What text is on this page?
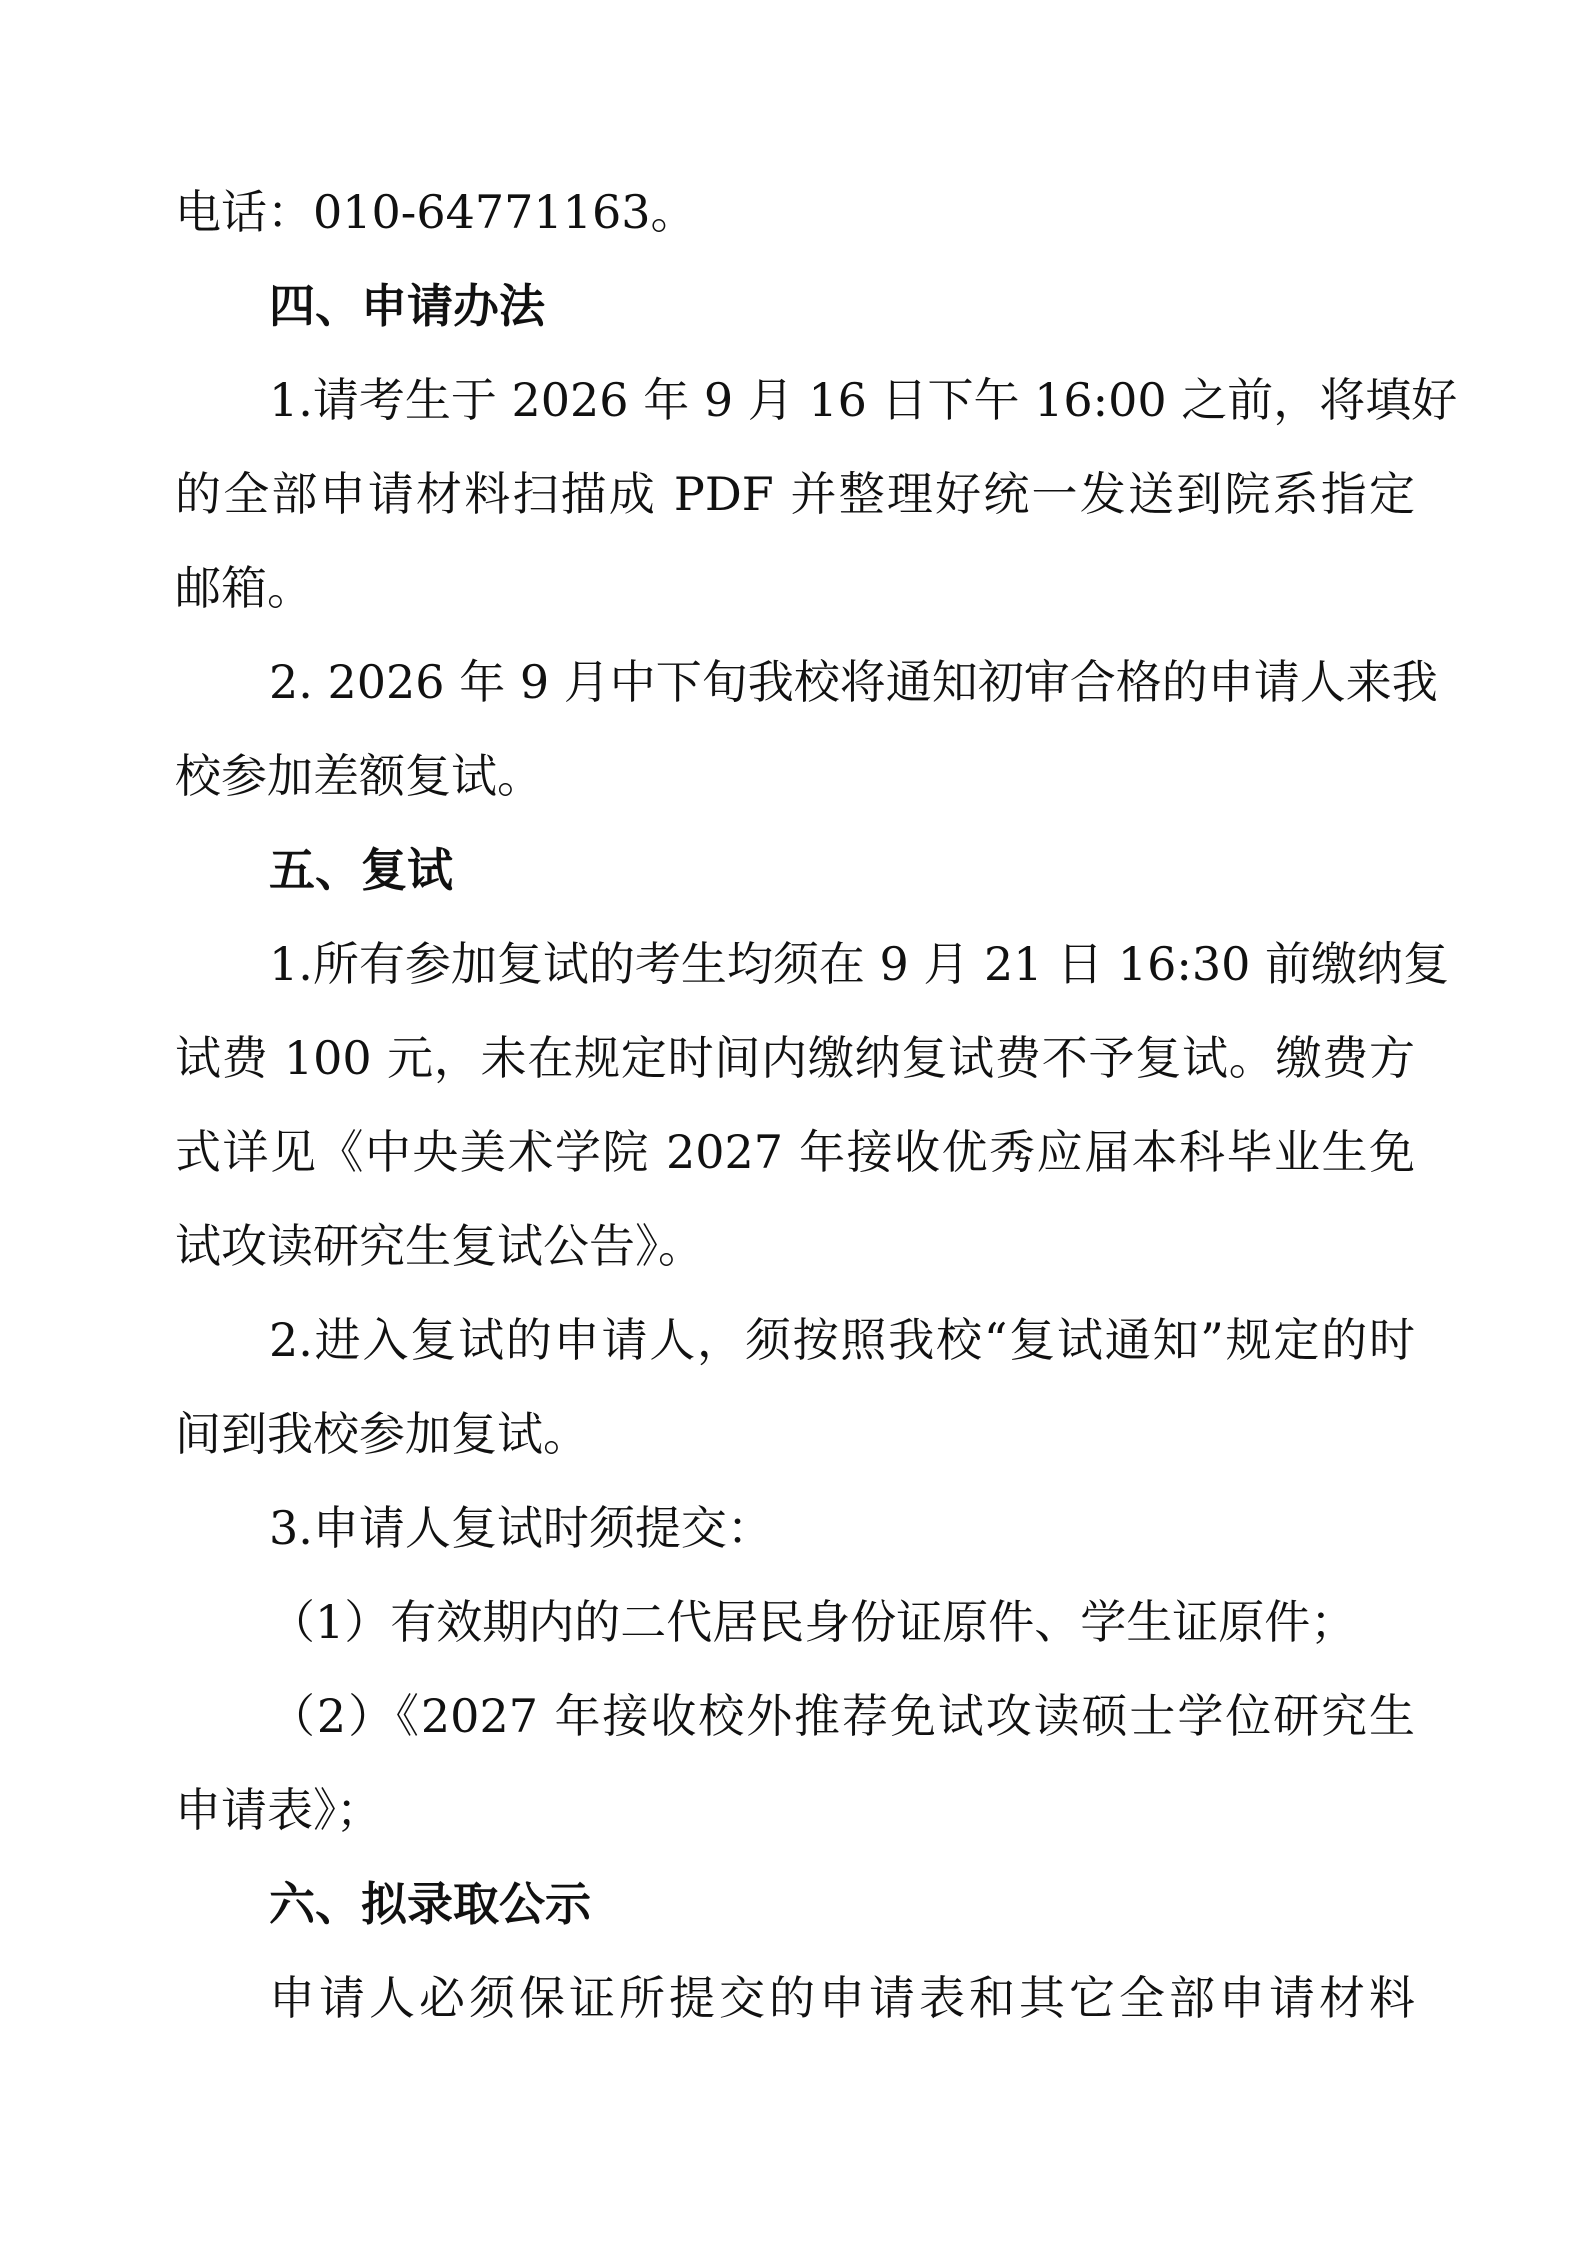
电话：010-64771163。
四、申请办法
1.请考生于 2026 年 9 月 16 日下午 16:00 之前，将填好
的全部申请材料扫描成 PDF 并整理好统一发送到院系指定
邮箱。
2. 2026 年 9 月中下旬我校将通知初审合格的申请人来我
校参加差额复试。
五、复试
1.所有参加复试的考生均须在 9 月 21 日 16:30 前缴纳复
试费 100 元，未在规定时间内缴纳复试费不予复试。缴费方
式详见《中央美术学院 2027 年接收优秀应届本科毕业生免
试攻读研究生复试公告》。
2.进入复试的申请人，须按照我校“复试通知”规定的时
间到我校参加复试。
3.申请人复试时须提交：
（1）有效期内的二代居民身份证原件、学生证原件；
（2）《2027 年接收校外推荐免试攻读硕士学位研究生
申请表》；
六、拟录取公示
申请人必须保证所提交的申请表和其它全部申请材料
